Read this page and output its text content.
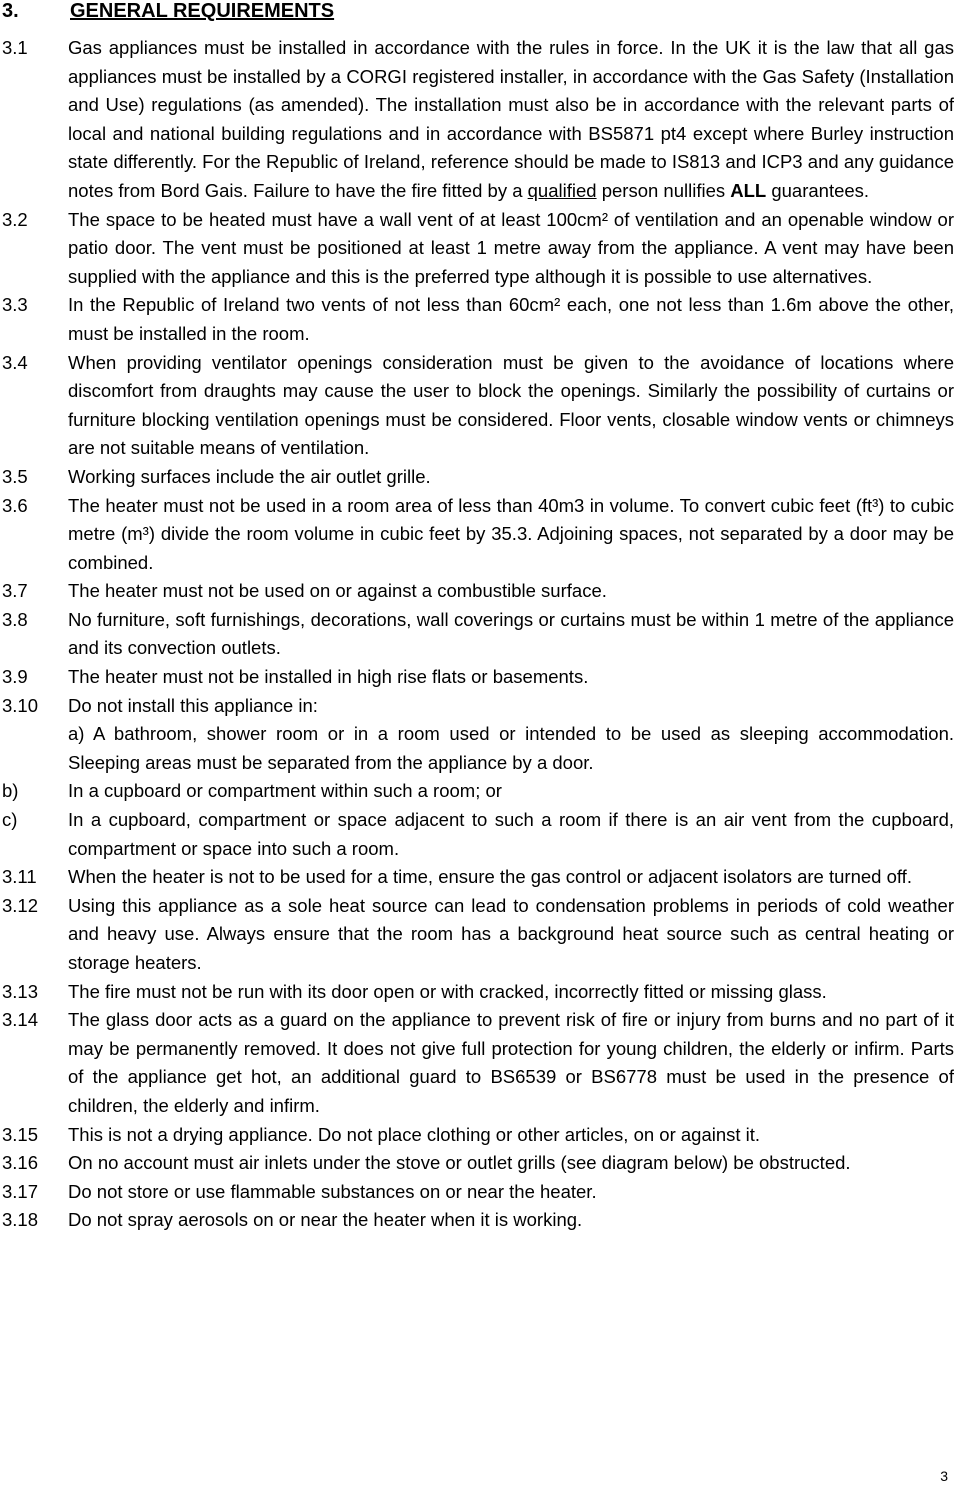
3.	GENERAL REQUIREMENTS
3.1	Gas appliances must be installed in accordance with the rules in force. In the UK it is the law that all gas appliances must be installed by a CORGI registered installer, in accordance with the Gas Safety (Installation and Use) regulations (as amended). The installation must also be in accordance with the relevant parts of local and national building regulations and in accordance with BS5871 pt4 except where Burley instruction state differently. For the Republic of Ireland, reference should be made to IS813 and ICP3 and any guidance notes from Bord Gais. Failure to have the fire fitted by a qualified person nullifies ALL guarantees.
3.2	The space to be heated must have a wall vent of at least 100cm² of ventilation and an openable window or patio door. The vent must be positioned at least 1 metre away from the appliance. A vent may have been supplied with the appliance and this is the preferred type although it is possible to use alternatives.
3.3	In the Republic of Ireland two vents of not less than 60cm² each, one not less than 1.6m above the other, must be installed in the room.
3.4	When providing ventilator openings consideration must be given to the avoidance of locations where discomfort from draughts may cause the user to block the openings. Similarly the possibility of curtains or furniture blocking ventilation openings must be considered. Floor vents, closable window vents or chimneys are not suitable means of ventilation.
3.5	Working surfaces include the air outlet grille.
3.6	The heater must not be used in a room area of less than 40m3 in volume. To convert cubic feet (ft³) to cubic metre (m³) divide the room volume in cubic feet by 35.3. Adjoining spaces, not separated by a door may be combined.
3.7	The heater must not be used on or against a combustible surface.
3.8	No furniture, soft furnishings, decorations, wall coverings or curtains must be within 1 metre of the appliance and its convection outlets.
3.9	The heater must not be installed in high rise flats or basements.
3.10	Do not install this appliance in:
a) A bathroom, shower room or in a room used or intended to be used as sleeping accommodation. Sleeping areas must be separated from the appliance by a door.
b)	In a cupboard or compartment within such a room; or
c)	In a cupboard, compartment or space adjacent to such a room if there is an air vent from the cupboard, compartment or space into such a room.
3.11	When the heater is not to be used for a time, ensure the gas control or adjacent isolators are turned off.
3.12	Using this appliance as a sole heat source can lead to condensation problems in periods of cold weather and heavy use. Always ensure that the room has a background heat source such as central heating or storage heaters.
3.13	The fire must not be run with its door open or with cracked, incorrectly fitted or missing glass.
3.14	The glass door acts as a guard on the appliance to prevent risk of fire or injury from burns and no part of it may be permanently removed. It does not give full protection for young children, the elderly or infirm. Parts of the appliance get hot, an additional guard to BS6539 or BS6778 must be used in the presence of children, the elderly and infirm.
3.15	This is not a drying appliance. Do not place clothing or other articles, on or against it.
3.16	On no account must air inlets under the stove or outlet grills (see diagram below) be obstructed.
3.17	Do not store or use flammable substances on or near the heater.
3.18	Do not spray aerosols on or near the heater when it is working.
3
